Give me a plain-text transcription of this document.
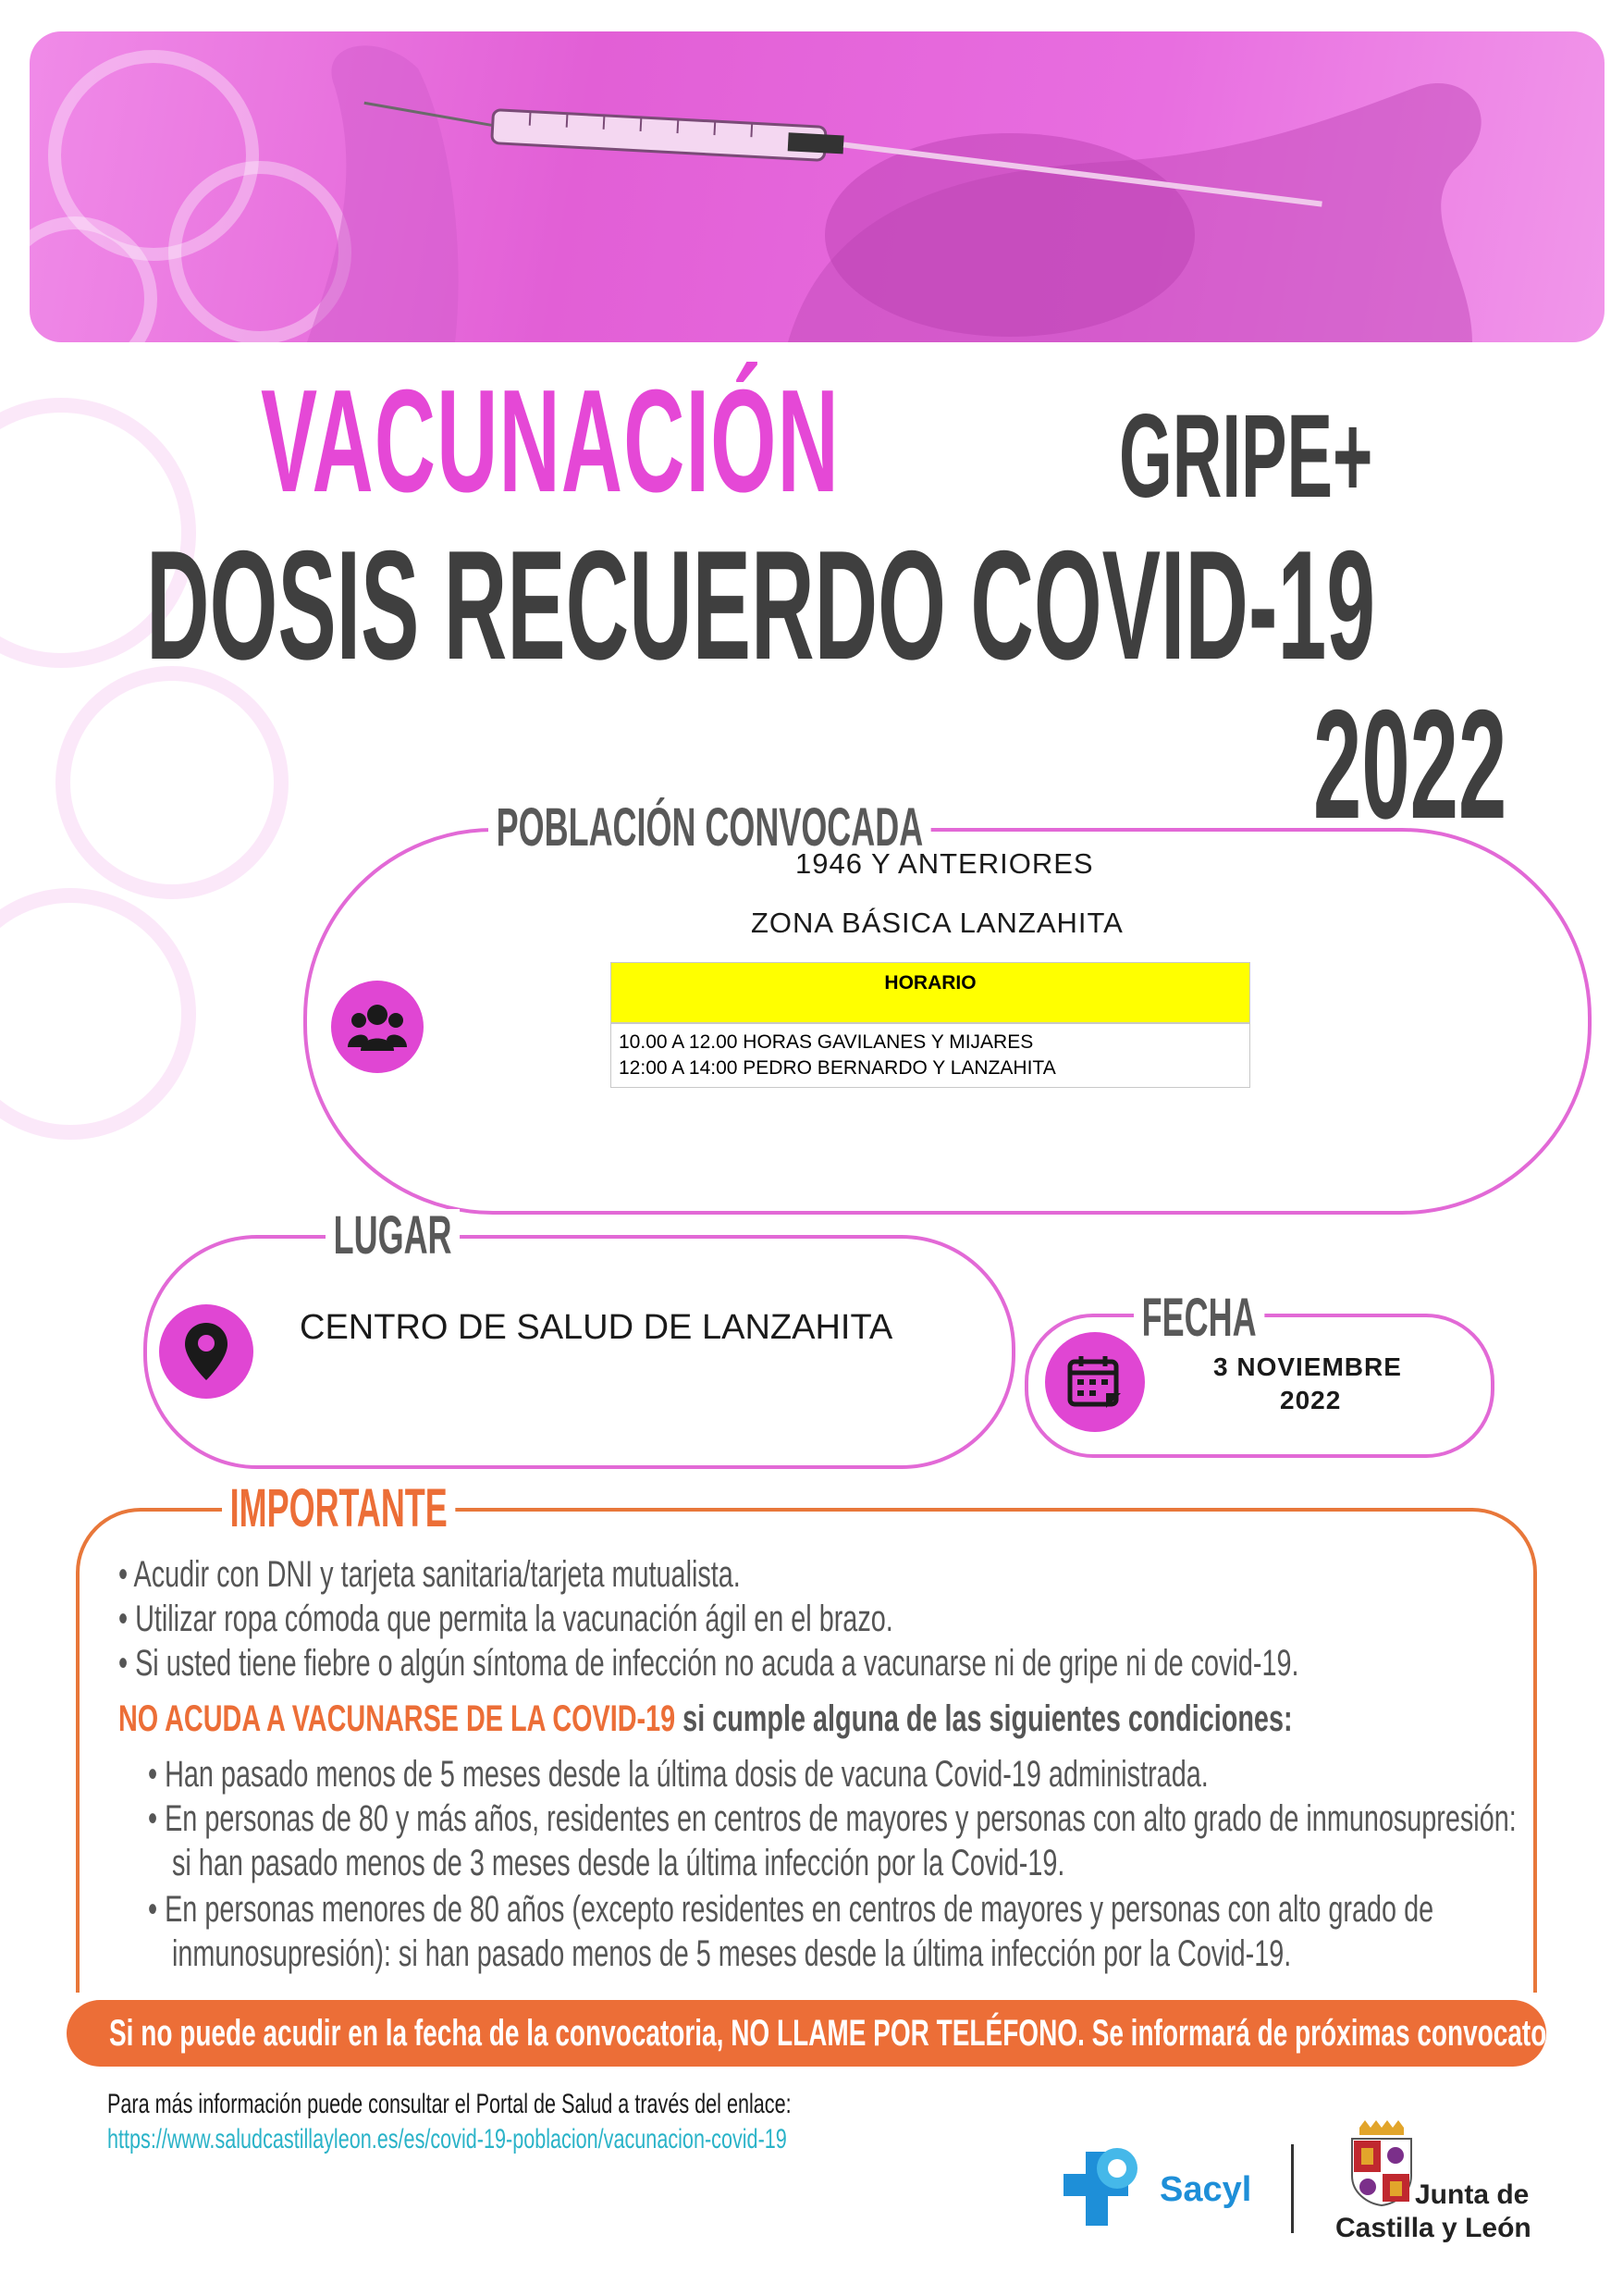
VACUNACIÓN GRIPE+
DOSIS RECUERDO COVID-19
2022
POBLACIÓN CONVOCADA
1946 Y ANTERIORES
ZONA BÁSICA LANZAHITA
HORARIO
10.00 A 12.00 HORAS GAVILANES Y MIJARES
12:00 A 14:00 PEDRO BERNARDO Y LANZAHITA
LUGAR
CENTRO DE SALUD DE LANZAHITA	FECHA
3 NOVIEMBRE
2022
IMPORTANTE
• Acudir con DNI y tarjeta sanitaria/tarjeta mutualista.
• Utilizar ropa cómoda que permita la vacunación ágil en el brazo.
• Si usted tiene fiebre o algún síntoma de infección no acuda a vacunarse ni de gripe ni de covid-19.
NO ACUDA A VACUNARSE DE LA COVID-19 si cumple alguna de las siguientes condiciones:
• Han pasado menos de 5 meses desde la última dosis de vacuna Covid-19 administrada.
• En personas de 80 y más años, residentes en centros de mayores y personas con alto grado de inmunosupresión:
si han pasado menos de 3 meses desde la última infección por la Covid-19.
• En personas menores de 80 años (excepto residentes en centros de mayores y personas con alto grado de
inmunosupresión): si han pasado menos de 5 meses desde la última infección por la Covid-19.
Si no puede acudir en la fecha de la convocatoria, NO LLAME POR TELÉFONO. Se informará de próximas convocatorias
Para más información puede consultar el Portal de Salud a través del enlace:
https://www.saludcastillayleon.es/es/covid-19-poblacion/vacunacion-covid-19
Sacyl	Junta de
Castilla y León
